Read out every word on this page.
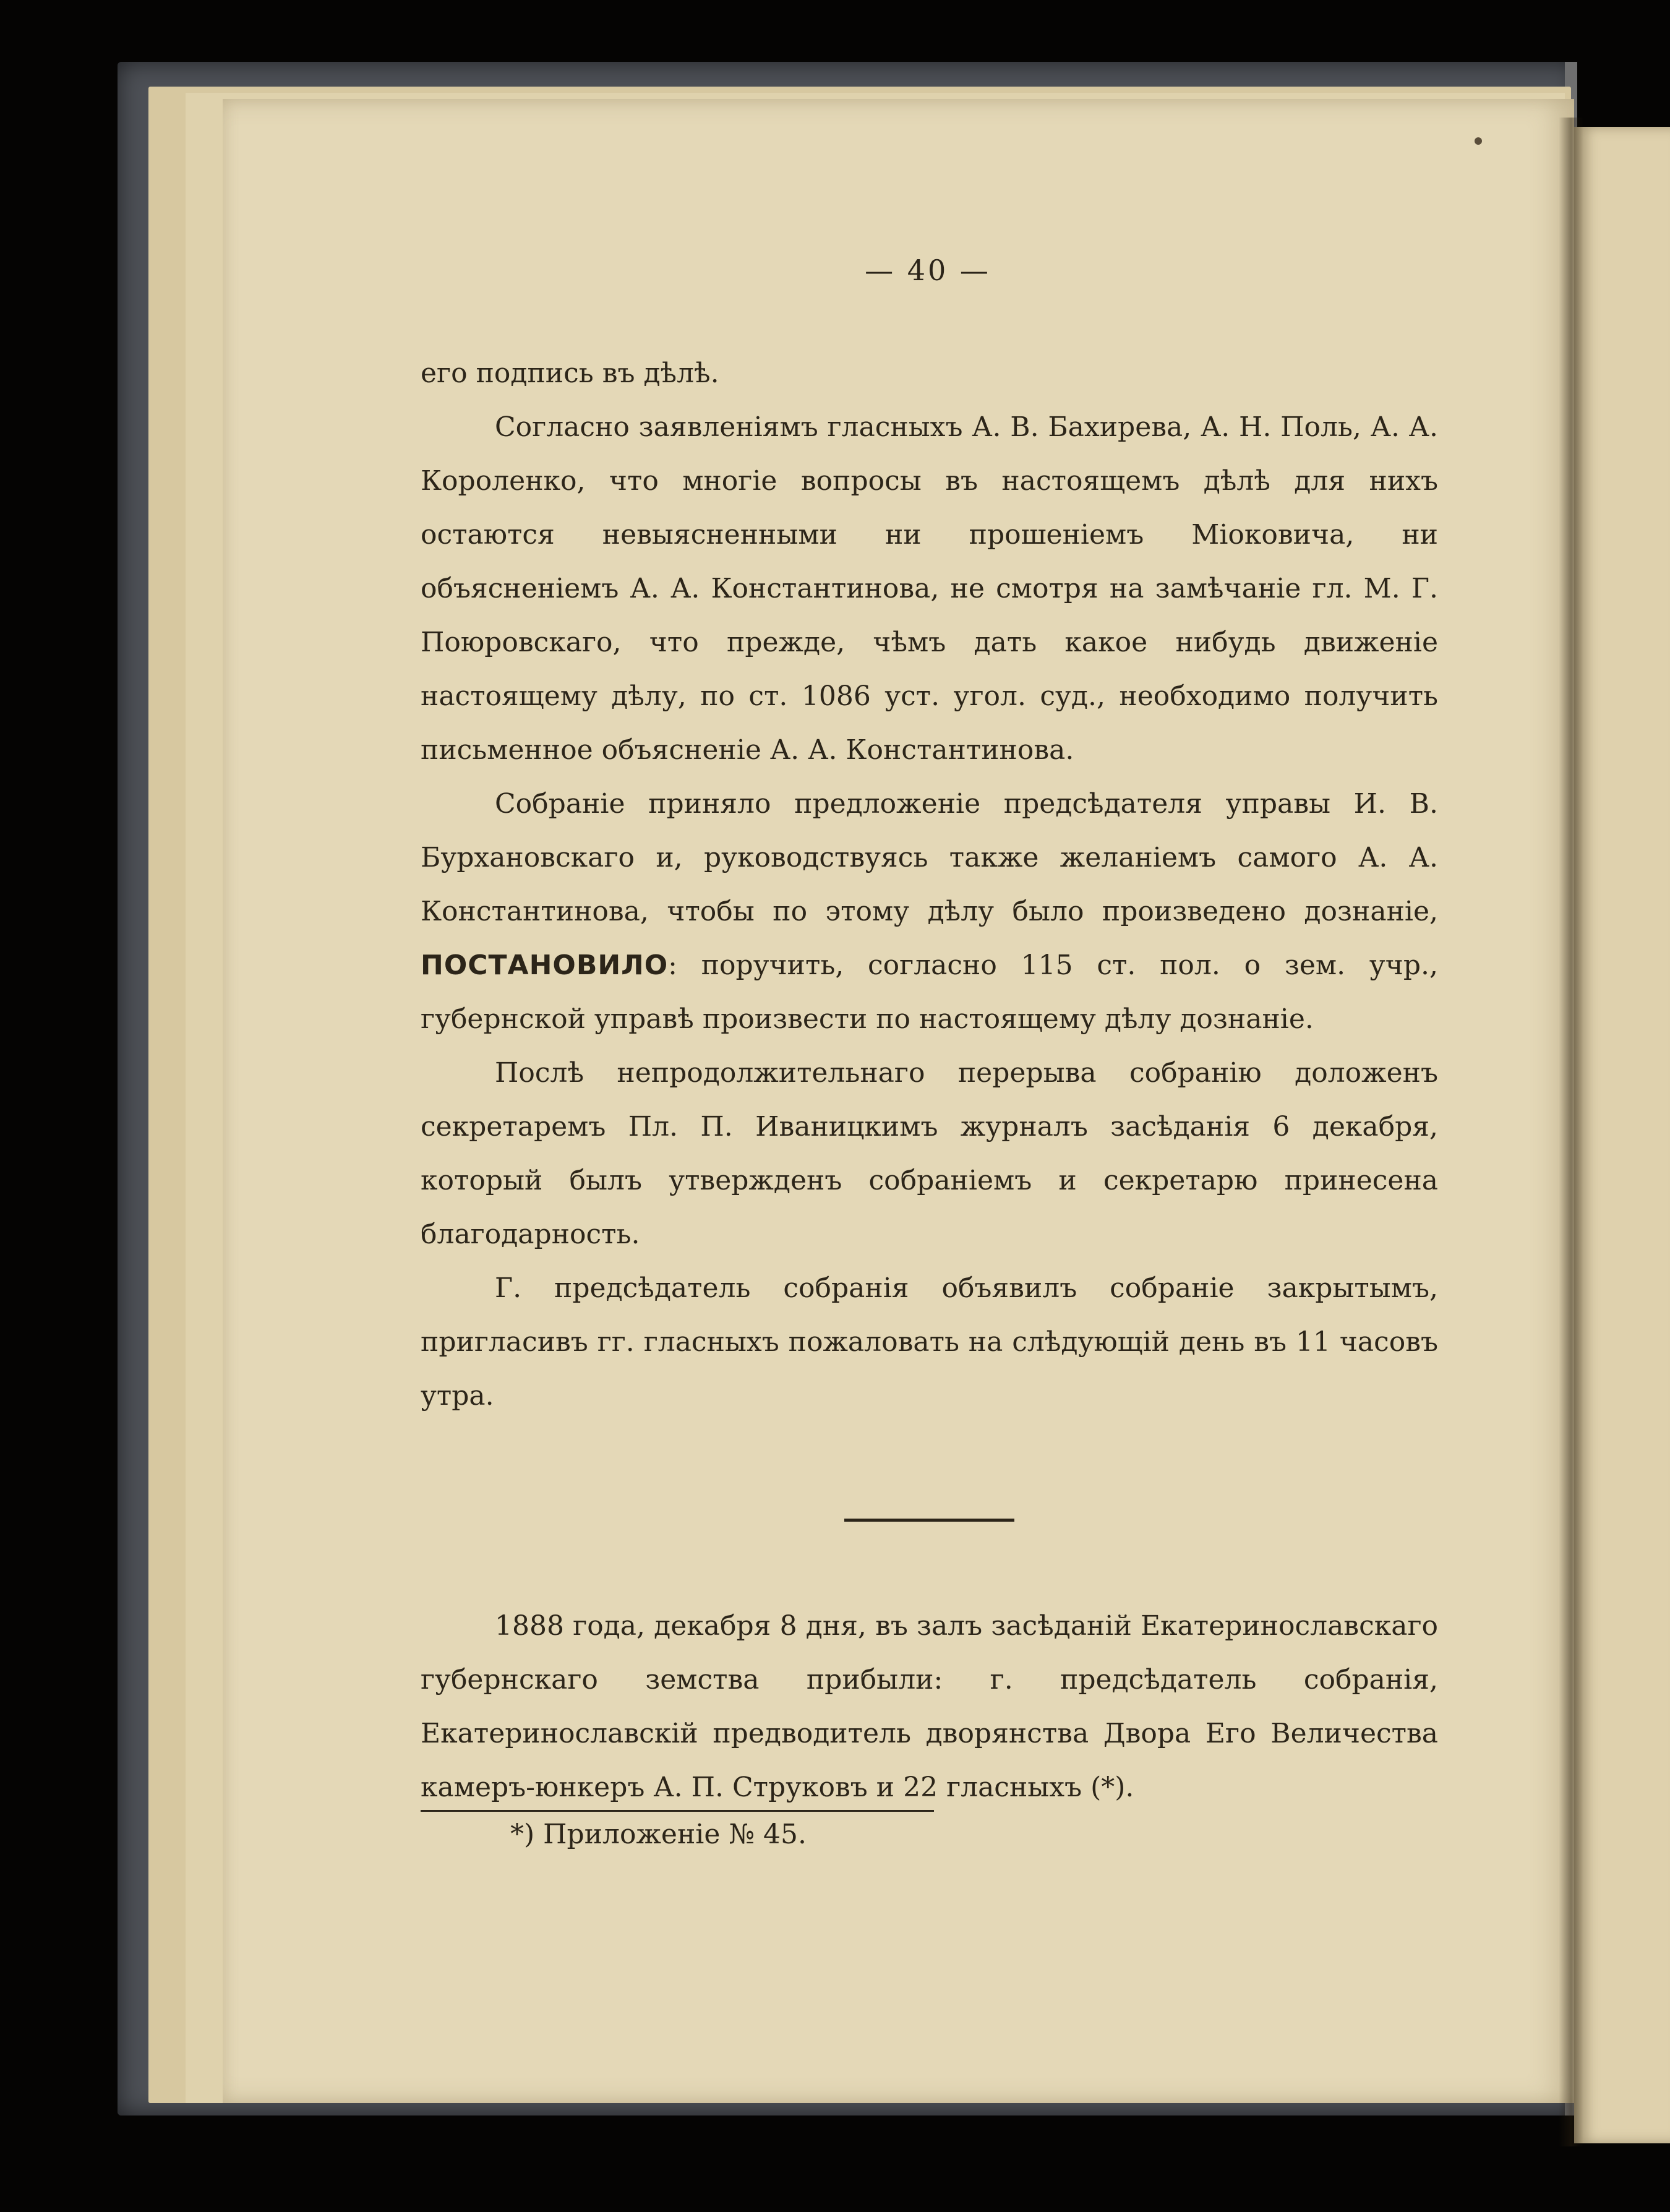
— 40 —

его подпись въ дѣлѣ.

Согласно заявленіямъ гласныхъ А. В. Бахирева, А. Н. Поль, А. А. Короленко, что многіе вопросы въ настоящемъ дѣлѣ для нихъ остаются невыясненными ни прошеніемъ Міоковича, ни объясненіемъ А. А. Константинова, не смотря на замѣчаніе гл. М. Г. Поюровскаго, что прежде, чѣмъ дать какое нибудь движеніе настоящему дѣлу, по ст. 1086 уст. угол. суд., необходимо получить письменное объясненіе А. А. Константинова.

Собраніе приняло предложеніе предсѣдателя управы И. В. Бурхановскаго и, руководствуясь также желаніемъ самого А. А. Константинова, чтобы по этому дѣлу было произведено дознаніе, ПОСТАНОВИЛО: поручить, согласно 115 ст. пол. о зем. учр., губернской управѣ произвести по настоящему дѣлу дознаніе.

Послѣ непродолжительнаго перерыва собранію доложенъ секретаремъ Пл. П. Иваницкимъ журналъ засѣданія 6 декабря, который былъ утвержденъ собраніемъ и секретарю принесена благодарность.

Г. предсѣдатель собранія объявилъ собраніе закрытымъ, пригласивъ гг. гласныхъ пожаловать на слѣдующій день въ 11 часовъ утра.

1888 года, декабря 8 дня, въ залъ засѣданій Екатеринославскаго губернскаго земства прибыли: г. предсѣдатель собранія, Екатеринославскій предводитель дворянства Двора Его Величества камеръ-юнкеръ А. П. Струковъ и 22 гласныхъ (*).

*) Приложеніе № 45.
